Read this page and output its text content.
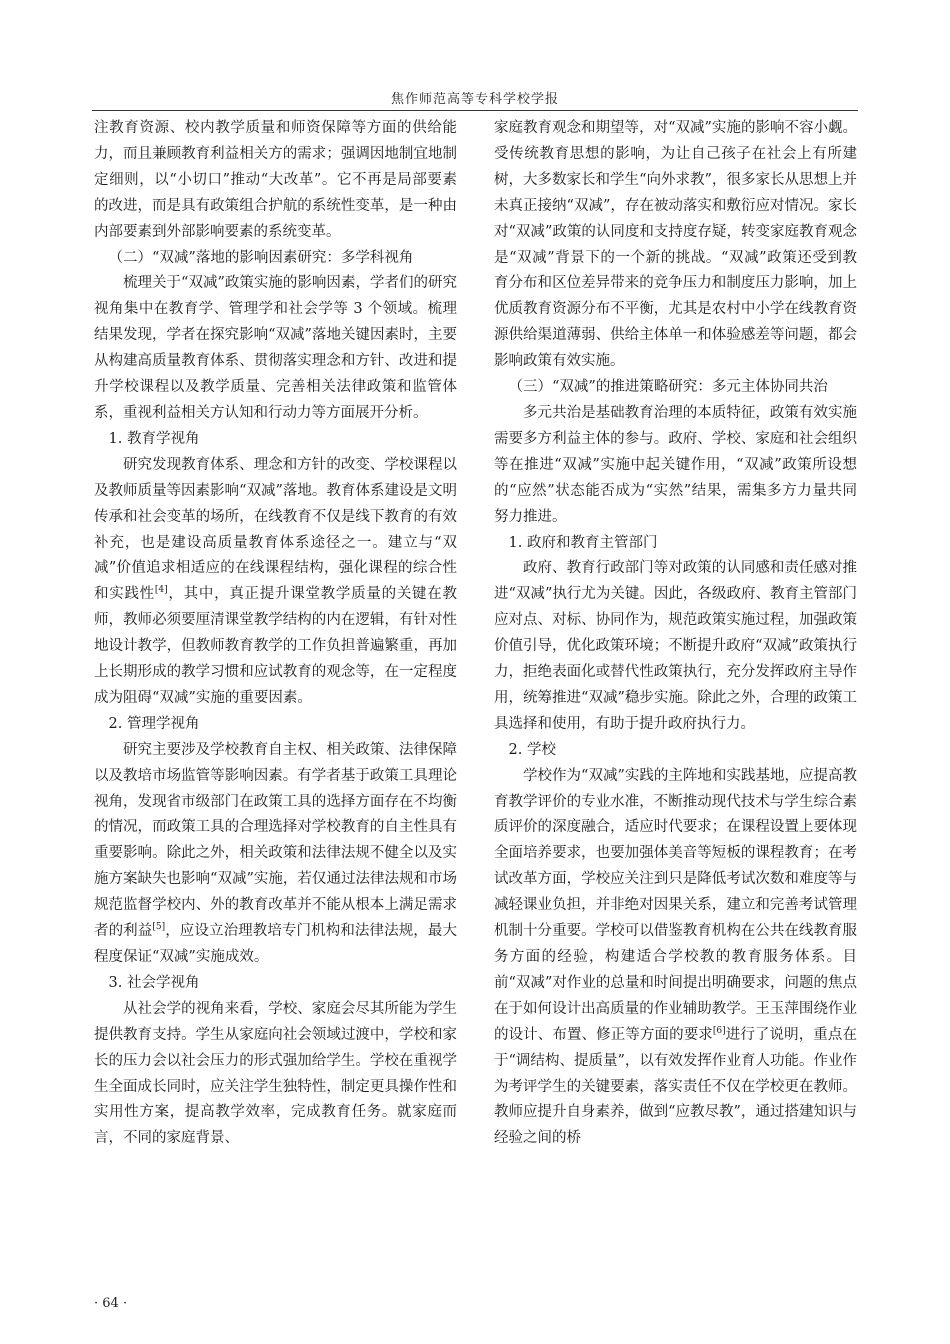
焦作师范高等专科学校学报

注教育资源、校内教学质量和师资保障等方面的供给能力，而且兼顾教育利益相关方的需求；强调因地制宜地制定细则，以“小切口”推动“大改革”。它不再是局部要素的改进，而是具有政策组合护航的系统性变革，是一种由内部要素到外部影响要素的系统变革。

（二）“双减”落地的影响因素研究：多学科视角

梳理关于“双减”政策实施的影响因素，学者们的研究视角集中在教育学、管理学和社会学等 3 个领域。梳理结果发现，学者在探究影响“双减”落地关键因素时，主要从构建高质量教育体系、贯彻落实理念和方针、改进和提升学校课程以及教学质量、完善相关法律政策和监管体系，重视利益相关方认知和行动力等方面展开分析。

1. 教育学视角

研究发现教育体系、理念和方针的改变、学校课程以及教师质量等因素影响“双减”落地。教育体系建设是文明传承和社会变革的场所，在线教育不仅是线下教育的有效补充，也是建设高质量教育体系途径之一。建立与“双减”价值追求相适应的在线课程结构，强化课程的综合性和实践性[4]，其中，真正提升课堂教学质量的关键在教师，教师必须要厘清课堂教学结构的内在逻辑，有针对性地设计教学，但教师教育教学的工作负担普遍繁重，再加上长期形成的教学习惯和应试教育的观念等，在一定程度成为阻碍“双减”实施的重要因素。

2. 管理学视角

研究主要涉及学校教育自主权、相关政策、法律保障以及教培市场监管等影响因素。有学者基于政策工具理论视角，发现省市级部门在政策工具的选择方面存在不均衡的情况，而政策工具的合理选择对学校教育的自主性具有重要影响。除此之外，相关政策和法律法规不健全以及实施方案缺失也影响“双减”实施，若仅通过法律法规和市场规范监督学校内、外的教育改革并不能从根本上满足需求者的利益[5]，应设立治理教培专门机构和法律法规，最大程度保证“双减”实施成效。

3. 社会学视角

从社会学的视角来看，学校、家庭会尽其所能为学生提供教育支持。学生从家庭向社会领域过渡中，学校和家长的压力会以社会压力的形式强加给学生。学校在重视学生全面成长同时，应关注学生独特性，制定更具操作性和实用性方案，提高教学效率，完成教育任务。就家庭而言，不同的家庭背景、

家庭教育观念和期望等，对“双减”实施的影响不容小觑。受传统教育思想的影响，为让自己孩子在社会上有所建树，大多数家长和学生“向外求教”，很多家长从思想上并未真正接纳“双减”，存在被动落实和敷衍应对情况。家长对“双减”政策的认同度和支持度存疑，转变家庭教育观念是“双减”背景下的一个新的挑战。“双减”政策还受到教育分布和区位差异带来的竞争压力和制度压力影响，加上优质教育资源分布不平衡，尤其是农村中小学在线教育资源供给渠道薄弱、供给主体单一和体验感差等问题，都会影响政策有效实施。

（三）“双减”的推进策略研究：多元主体协同共治

多元共治是基础教育治理的本质特征，政策有效实施需要多方利益主体的参与。政府、学校、家庭和社会组织等在推进“双减”实施中起关键作用，“双减”政策所设想的“应然”状态能否成为“实然”结果，需集多方力量共同努力推进。

1. 政府和教育主管部门

政府、教育行政部门等对政策的认同感和责任感对推进“双减”执行尤为关键。因此，各级政府、教育主管部门应对点、对标、协同作为，规范政策实施过程，加强政策价值引导，优化政策环境；不断提升政府“双减”政策执行力，拒绝表面化或替代性政策执行，充分发挥政府主导作用，统筹推进“双减”稳步实施。除此之外，合理的政策工具选择和使用，有助于提升政府执行力。

2. 学校

学校作为“双减”实践的主阵地和实践基地，应提高教育教学评价的专业水准，不断推动现代技术与学生综合素质评价的深度融合，适应时代要求；在课程设置上要体现全面培养要求，也要加强体美音等短板的课程教育；在考试改革方面，学校应关注到只是降低考试次数和难度等与减轻课业负担，并非绝对因果关系，建立和完善考试管理机制十分重要。学校可以借鉴教育机构在公共在线教育服务方面的经验，构建适合学校教的教育服务体系。目前“双减”对作业的总量和时间提出明确要求，问题的焦点在于如何设计出高质量的作业辅助教学。王玉萍围绕作业的设计、布置、修正等方面的要求[6]进行了说明，重点在于“调结构、提质量”，以有效发挥作业育人功能。作业作为考评学生的关键要素，落实责任不仅在学校更在教师。教师应提升自身素养，做到“应教尽教”，通过搭建知识与经验之间的桥

· 64 ·
